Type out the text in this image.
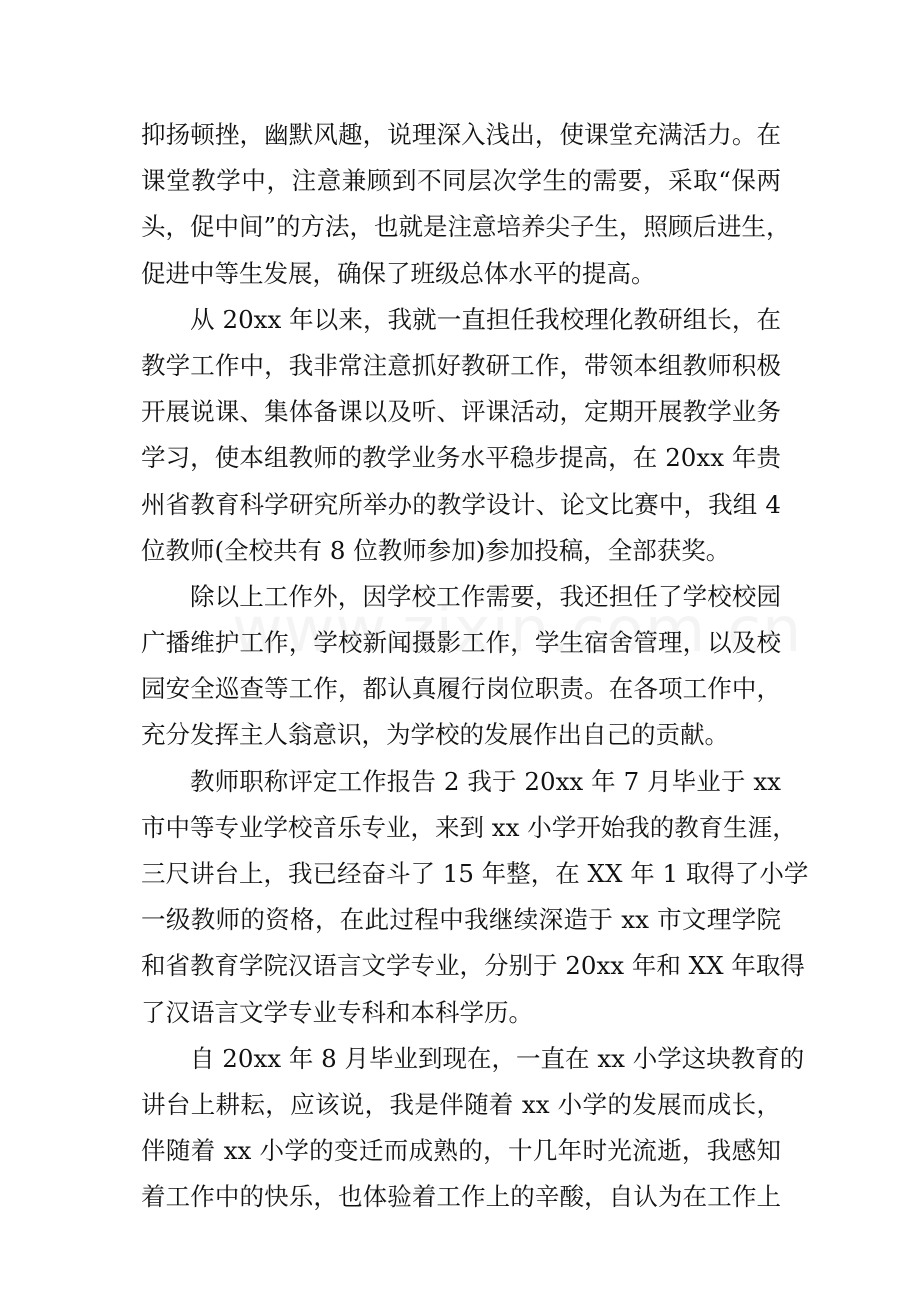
抑扬顿挫，幽默风趣，说理深入浅出，使课堂充满活力。在
课堂教学中，注意兼顾到不同层次学生的需要，采取“保两
头，促中间”的方法，也就是注意培养尖子生，照顾后进生，
促进中等生发展，确保了班级总体水平的提高。
从 20xx 年以来，我就一直担任我校理化教研组长，在
教学工作中，我非常注意抓好教研工作，带领本组教师积极
开展说课、集体备课以及听、评课活动，定期开展教学业务
学习，使本组教师的教学业务水平稳步提高，在 20xx 年贵
州省教育科学研究所举办的教学设计、论文比赛中，我组 4
位教师(全校共有 8 位教师参加)参加投稿，全部获奖。
除以上工作外，因学校工作需要，我还担任了学校校园
广播维护工作，学校新闻摄影工作，学生宿舍管理，以及校
园安全巡查等工作，都认真履行岗位职责。在各项工作中，
充分发挥主人翁意识，为学校的发展作出自己的贡献。
教师职称评定工作报告 2 我于 20xx 年 7 月毕业于 xx
市中等专业学校音乐专业，来到 xx 小学开始我的教育生涯，
三尺讲台上，我已经奋斗了 15 年整，在 XX 年 1 取得了小学
一级教师的资格，在此过程中我继续深造于 xx 市文理学院
和省教育学院汉语言文学专业，分别于 20xx 年和 XX 年取得
了汉语言文学专业专科和本科学历。
自 20xx 年 8 月毕业到现在，一直在 xx 小学这块教育的
讲台上耕耘，应该说，我是伴随着 xx 小学的发展而成长，
伴随着 xx 小学的变迁而成熟的，十几年时光流逝，我感知
着工作中的快乐，也体验着工作上的辛酸，自认为在工作上
